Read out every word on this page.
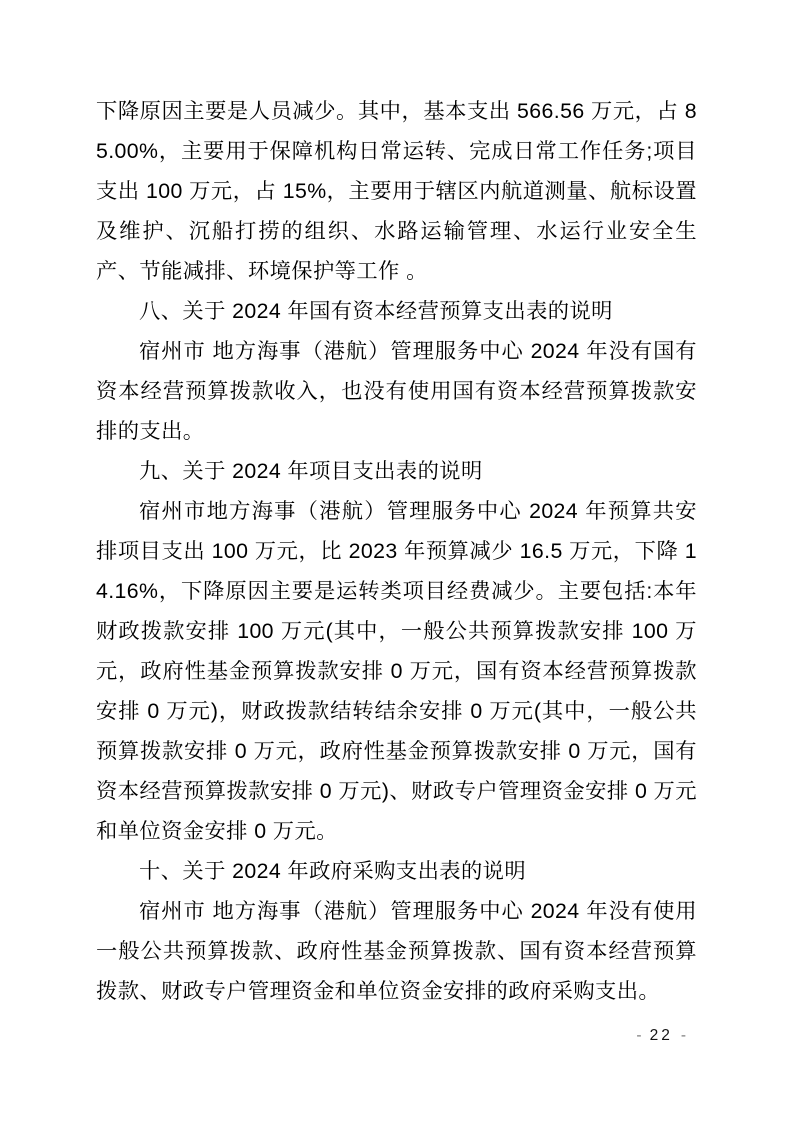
下降原因主要是人员减少。其中，基本支出 566.56 万元，占 85.00%，主要用于保障机构日常运转、完成日常工作任务;项目支出 100 万元，占 15%，主要用于辖区内航道测量、航标设置及维护、沉船打捞的组织、水路运输管理、水运行业安全生产、节能减排、环境保护等工作 。

八、关于 2024 年国有资本经营预算支出表的说明

宿州市 地方海事（港航）管理服务中心 2024 年没有国有资本经营预算拨款收入，也没有使用国有资本经营预算拨款安排的支出。

九、关于 2024 年项目支出表的说明

宿州市地方海事（港航）管理服务中心 2024 年预算共安排项目支出 100 万元，比 2023 年预算减少 16.5 万元，下降 14.16%，下降原因主要是运转类项目经费减少。主要包括:本年财政拨款安排 100 万元(其中，一般公共预算拨款安排 100 万元，政府性基金预算拨款安排 0 万元，国有资本经营预算拨款安排 0 万元)，财政拨款结转结余安排 0 万元(其中，一般公共预算拨款安排 0 万元，政府性基金预算拨款安排 0 万元，国有资本经营预算拨款安排 0 万元)、财政专户管理资金安排 0 万元和单位资金安排 0 万元。

十、关于 2024 年政府采购支出表的说明

宿州市 地方海事（港航）管理服务中心 2024 年没有使用一般公共预算拨款、政府性基金预算拨款、国有资本经营预算拨款、财政专户管理资金和单位资金安排的政府采购支出。

- 22 -
